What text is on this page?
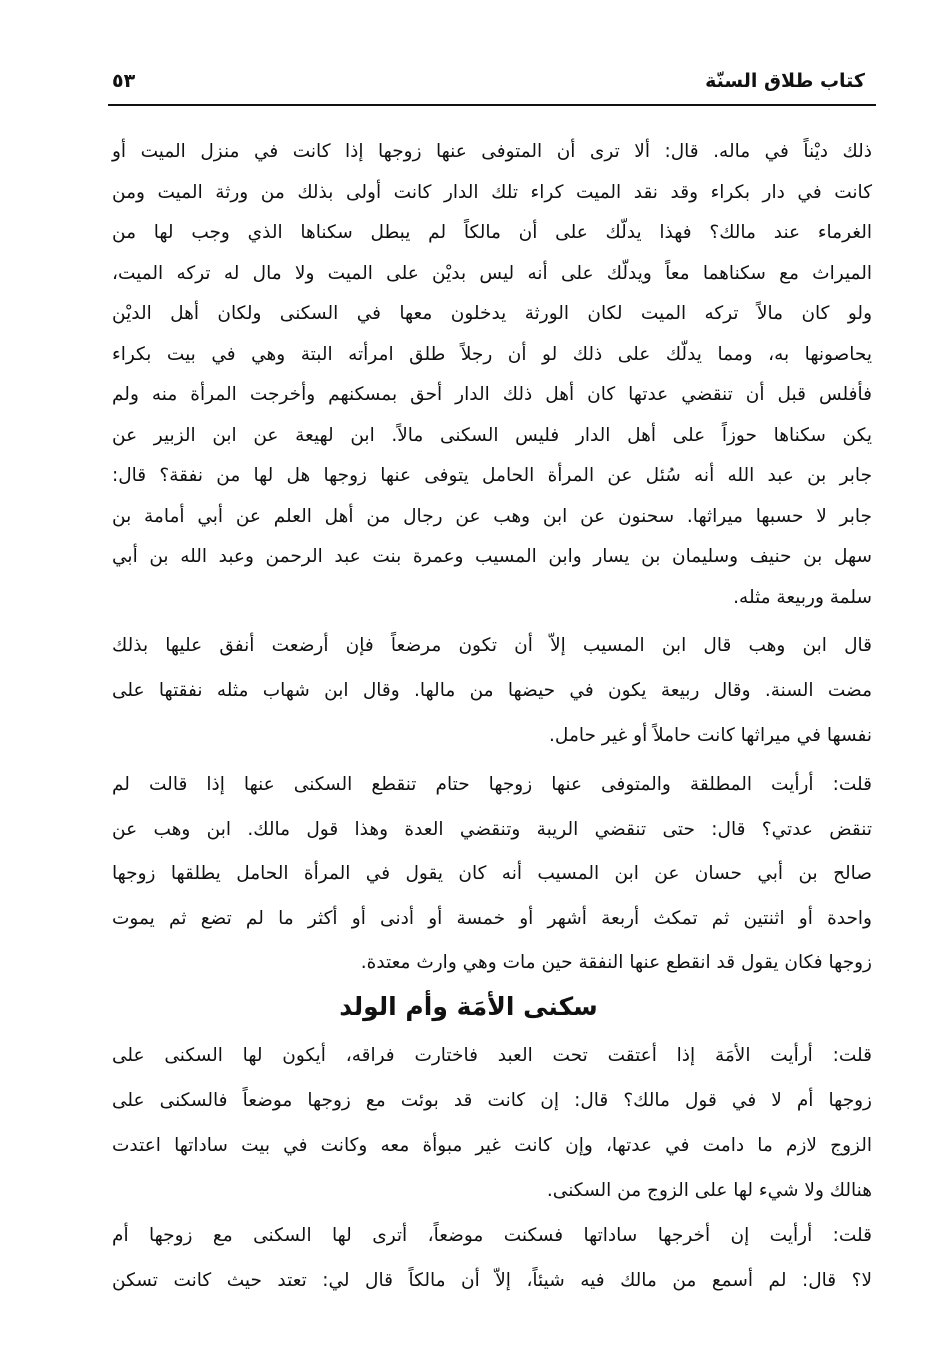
كتاب طلاق السنّة
٥٣
ذلك ديْناً في ماله. قال: ألا ترى أن المتوفى عنها زوجها إذا كانت في منزل الميت أو
كانت في دار بكراء وقد نقد الميت كراء تلك الدار كانت أولى بذلك من ورثة الميت ومن
الغرماء عند مالك؟ فهذا يدلّك على أن مالكاً لم يبطل سكناها الذي وجب لها من
الميراث مع سكناهما معاً ويدلّك على أنه ليس بديْن على الميت ولا مال له تركه الميت،
ولو كان مالاً تركه الميت لكان الورثة يدخلون معها في السكنى ولكان أهل الديْن
يحاصونها به، ومما يدلّك على ذلك لو أن رجلاً طلق امرأته البتة وهي في بيت بكراء
فأفلس قبل أن تنقضي عدتها كان أهل ذلك الدار أحق بمسكنهم وأخرجت المرأة منه ولم
يكن سكناها حوزاً على أهل الدار فليس السكنى مالاً. ابن لهيعة عن ابن الزبير عن
جابر بن عبد الله أنه سُئل عن المرأة الحامل يتوفى عنها زوجها هل لها من نفقة؟ قال:
جابر لا حسبها ميراثها. سحنون عن ابن وهب عن رجال من أهل العلم عن أبي أمامة بن
سهل بن حنيف وسليمان بن يسار وابن المسيب وعمرة بنت عبد الرحمن وعبد الله بن أبي
سلمة وربيعة مثله.
قال ابن وهب قال ابن المسيب إلاّ أن تكون مرضعاً فإن أرضعت أنفق عليها بذلك
مضت السنة. وقال ربيعة يكون في حيضها من مالها. وقال ابن شهاب مثله نفقتها على
نفسها في ميراثها كانت حاملاً أو غير حامل.
قلت: أرأيت المطلقة والمتوفى عنها زوجها حتام تنقطع السكنى عنها إذا قالت لم
تنقض عدتي؟ قال: حتى تنقضي الريبة وتنقضي العدة وهذا قول مالك. ابن وهب عن
صالح بن أبي حسان عن ابن المسيب أنه كان يقول في المرأة الحامل يطلقها زوجها
واحدة أو اثنتين ثم تمكث أربعة أشهر أو خمسة أو أدنى أو أكثر ما لم تضع ثم يموت
زوجها فكان يقول قد انقطع عنها النفقة حين مات وهي وارث معتدة.
سكنى الأمَة وأم الولد
قلت: أرأيت الأمَة إذا أعتقت تحت العبد فاختارت فراقه، أيكون لها السكنى على
زوجها أم لا في قول مالك؟ قال: إن كانت قد بوئت مع زوجها موضعاً فالسكنى على
الزوج لازم ما دامت في عدتها، وإن كانت غير مبوأة معه وكانت في بيت ساداتها اعتدت
هنالك ولا شيء لها على الزوج من السكنى.
قلت: أرأيت إن أخرجها ساداتها فسكنت موضعاً، أترى لها السكنى مع زوجها أم
لا؟ قال: لم أسمع من مالك فيه شيئاً، إلاّ أن مالكاً قال لي: تعتد حيث كانت تسكن
